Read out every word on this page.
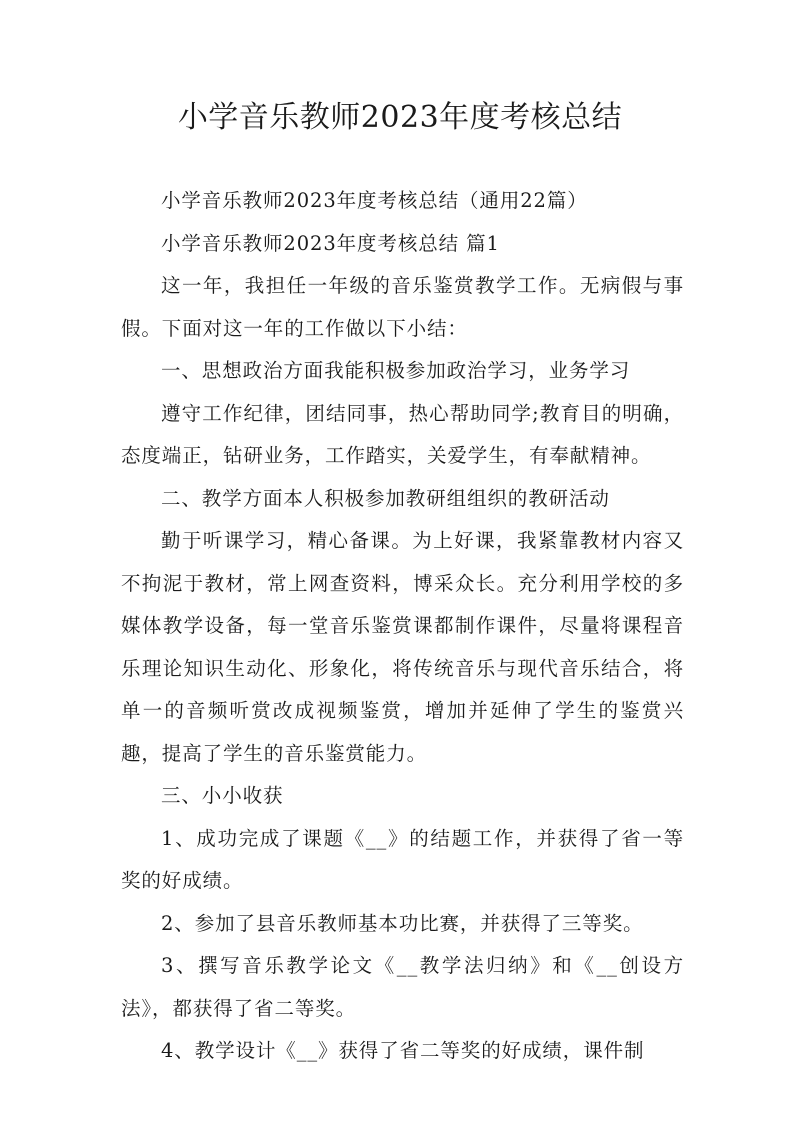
小学音乐教师2023年度考核总结

小学音乐教师2023年度考核总结（通用22篇）

小学音乐教师2023年度考核总结 篇1

这一年，我担任一年级的音乐鉴赏教学工作。无病假与事假。下面对这一年的工作做以下小结：

一、思想政治方面我能积极参加政治学习，业务学习

遵守工作纪律，团结同事，热心帮助同学;教育目的明确，态度端正，钻研业务，工作踏实，关爱学生，有奉献精神。

二、教学方面本人积极参加教研组组织的教研活动

勤于听课学习，精心备课。为上好课，我紧靠教材内容又不拘泥于教材，常上网查资料，博采众长。充分利用学校的多媒体教学设备，每一堂音乐鉴赏课都制作课件，尽量将课程音乐理论知识生动化、形象化，将传统音乐与现代音乐结合，将单一的音频听赏改成视频鉴赏，增加并延伸了学生的鉴赏兴趣，提高了学生的音乐鉴赏能力。

三、小小收获

1、成功完成了课题《__》的结题工作，并获得了省一等奖的好成绩。

2、参加了县音乐教师基本功比赛，并获得了三等奖。

3、撰写音乐教学论文《__教学法归纳》和《__创设方法》，都获得了省二等奖。

4、教学设计《__》获得了省二等奖的好成绩，课件制
